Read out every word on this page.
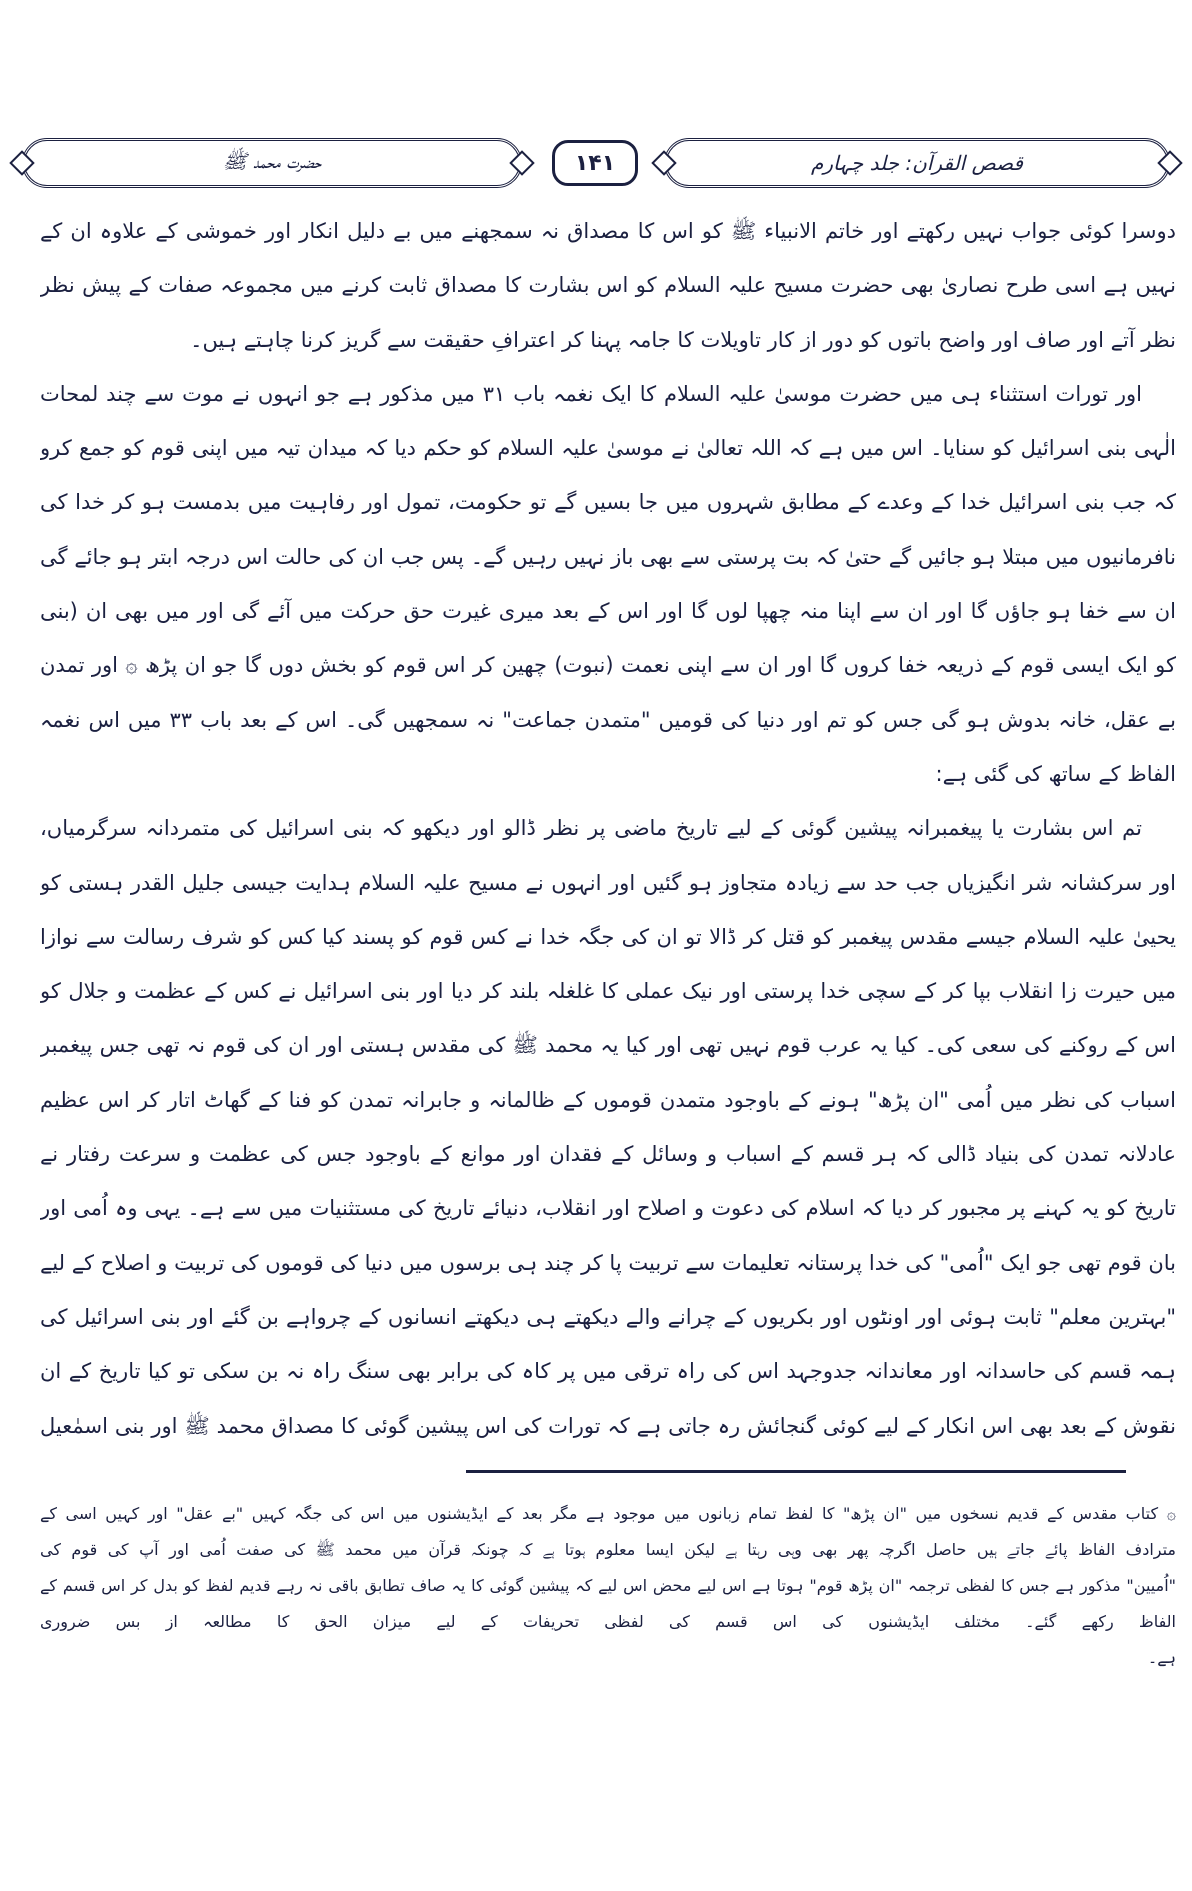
قصص القرآن: جلد چہارم
۱۴۱
حضرت محمد ﷺ
دوسرا کوئی جواب نہیں رکھتے اور خاتم الانبیاء ﷺ کو اس کا مصداق نہ سمجھنے میں بے دلیل انکار اور خموشی کے علاوہ ان کے
نہیں ہے اسی طرح نصاریٰ بھی حضرت مسیح علیہ السلام کو اس بشارت کا مصداق ثابت کرنے میں مجموعہ صفات کے پیش نظر
نظر آتے اور صاف اور واضح باتوں کو دور از کار تاویلات کا جامہ پہنا کر اعترافِ حقیقت سے گریز کرنا چاہتے ہیں۔
اور تورات استثناء ہی میں حضرت موسیٰ علیہ السلام کا ایک نغمہ باب ۳۱ میں مذکور ہے جو انہوں نے موت سے چند لمحات
الٰہی بنی اسرائیل کو سنایا۔ اس میں ہے کہ اللہ تعالیٰ نے موسیٰ علیہ السلام کو حکم دیا کہ میدان تیہ میں اپنی قوم کو جمع کرو
کہ جب بنی اسرائیل خدا کے وعدے کے مطابق شہروں میں جا بسیں گے تو حکومت، تمول اور رفاہیت میں بدمست ہو کر خدا کی
نافرمانیوں میں مبتلا ہو جائیں گے حتیٰ کہ بت پرستی سے بھی باز نہیں رہیں گے۔ پس جب ان کی حالت اس درجہ ابتر ہو جائے گی
ان سے خفا ہو جاؤں گا اور ان سے اپنا منہ چھپا لوں گا اور اس کے بعد میری غیرت حق حرکت میں آئے گی اور میں بھی ان (بنی
کو ایک ایسی قوم کے ذریعہ خفا کروں گا اور ان سے اپنی نعمت (نبوت) چھین کر اس قوم کو بخش دوں گا جو ان پڑھ ۞ اور تمدن
بے عقل، خانہ بدوش ہو گی جس کو تم اور دنیا کی قومیں "متمدن جماعت" نہ سمجھیں گی۔ اس کے بعد باب ۳۳ میں اس نغمہ
الفاظ کے ساتھ کی گئی ہے:
تم اس بشارت یا پیغمبرانہ پیشین گوئی کے لیے تاریخ ماضی پر نظر ڈالو اور دیکھو کہ بنی اسرائیل کی متمردانہ سرگرمیاں،
اور سرکشانہ شر انگیزیاں جب حد سے زیادہ متجاوز ہو گئیں اور انہوں نے مسیح علیہ السلام ہدایت جیسی جلیل القدر ہستی کو
یحییٰ علیہ السلام جیسے مقدس پیغمبر کو قتل کر ڈالا تو ان کی جگہ خدا نے کس قوم کو پسند کیا کس کو شرف رسالت سے نوازا
میں حیرت زا انقلاب بپا کر کے سچی خدا پرستی اور نیک عملی کا غلغلہ بلند کر دیا اور بنی اسرائیل نے کس کے عظمت و جلال کو
اس کے روکنے کی سعی کی۔ کیا یہ عرب قوم نہیں تھی اور کیا یہ محمد ﷺ کی مقدس ہستی اور ان کی قوم نہ تھی جس پیغمبر
اسباب کی نظر میں اُمی "ان پڑھ" ہونے کے باوجود متمدن قوموں کے ظالمانہ و جابرانہ تمدن کو فنا کے گھاٹ اتار کر اس عظیم
عادلانہ تمدن کی بنیاد ڈالی کہ ہر قسم کے اسباب و وسائل کے فقدان اور موانع کے باوجود جس کی عظمت و سرعت رفتار نے
تاریخ کو یہ کہنے پر مجبور کر دیا کہ اسلام کی دعوت و اصلاح اور انقلاب، دنیائے تاریخ کی مستثنیات میں سے ہے۔ یہی وہ اُمی اور
بان قوم تھی جو ایک "اُمی" کی خدا پرستانہ تعلیمات سے تربیت پا کر چند ہی برسوں میں دنیا کی قوموں کی تربیت و اصلاح کے لیے
"بہترین معلم" ثابت ہوئی اور اونٹوں اور بکریوں کے چرانے والے دیکھتے ہی دیکھتے انسانوں کے چرواہے بن گئے اور بنی اسرائیل کی
ہمہ قسم کی حاسدانہ اور معاندانہ جدوجہد اس کی راہ ترقی میں پر کاہ کی برابر بھی سنگ راہ نہ بن سکی تو کیا تاریخ کے ان
نقوش کے بعد بھی اس انکار کے لیے کوئی گنجائش رہ جاتی ہے کہ تورات کی اس پیشین گوئی کا مصداق محمد ﷺ اور بنی اسمٰعیل
۞ کتاب مقدس کے قدیم نسخوں میں "ان پڑھ" کا لفظ تمام زبانوں میں موجود ہے مگر بعد کے ایڈیشنوں میں اس کی جگہ کہیں "بے عقل" اور کہیں اسی کے
مترادف الفاظ پائے جاتے ہیں حاصل اگرچہ پھر بھی وہی رہتا ہے لیکن ایسا معلوم ہوتا ہے کہ چونکہ قرآن میں محمد ﷺ کی صفت اُمی اور آپ کی قوم کی
"اُمیین" مذکور ہے جس کا لفظی ترجمہ "ان پڑھ قوم" ہوتا ہے اس لیے محض اس لیے کہ پیشین گوئی کا یہ صاف تطابق باقی نہ رہے قدیم لفظ کو بدل کر اس قسم کے
الفاظ رکھے گئے۔ مختلف ایڈیشنوں کی اس قسم کی لفظی تحریفات کے لیے میزان الحق کا مطالعہ از بس ضروری
ہے۔
